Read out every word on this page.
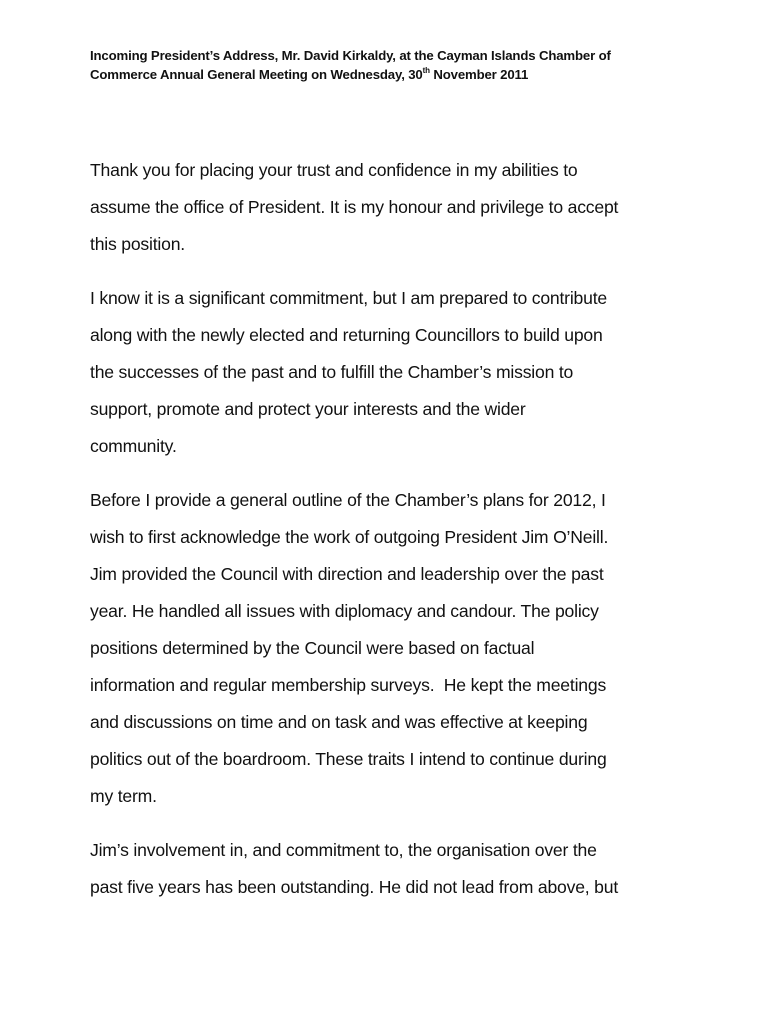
Incoming President’s Address, Mr. David Kirkaldy, at the Cayman Islands Chamber of
Commerce Annual General Meeting on Wednesday, 30th November 2011

Thank you for placing your trust and confidence in my abilities to
assume the office of President. It is my honour and privilege to accept
this position.

I know it is a significant commitment, but I am prepared to contribute
along with the newly elected and returning Councillors to build upon
the successes of the past and to fulfill the Chamber’s mission to
support, promote and protect your interests and the wider
community.

Before I provide a general outline of the Chamber’s plans for 2012, I
wish to first acknowledge the work of outgoing President Jim O’Neill.
Jim provided the Council with direction and leadership over the past
year. He handled all issues with diplomacy and candour. The policy
positions determined by the Council were based on factual
information and regular membership surveys.  He kept the meetings
and discussions on time and on task and was effective at keeping
politics out of the boardroom. These traits I intend to continue during
my term.

Jim’s involvement in, and commitment to, the organisation over the
past five years has been outstanding. He did not lead from above, but
